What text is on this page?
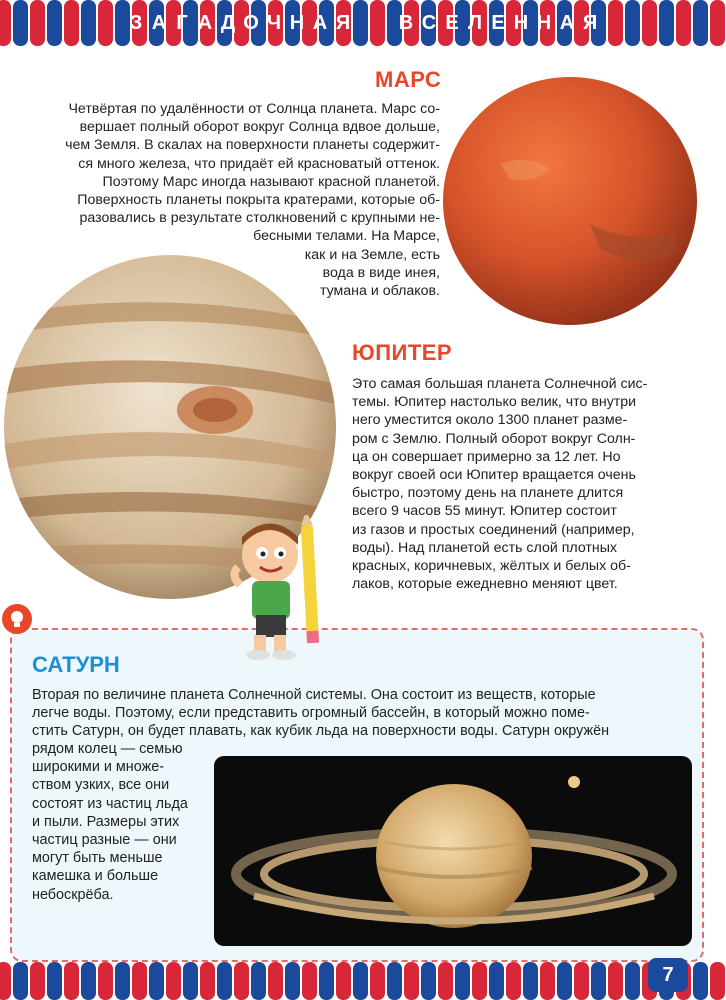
З А Г А Д О Ч Н А Я В С Е Л Е Н Н А Я
МАРС
Четвёртая по удалённости от Солнца планета. Марс со-
вершает полный оборот вокруг Солнца вдвое дольше,
чем Земля. В скалах на поверхности планеты содержит-
ся много железа, что придаёт ей красноватый оттенок.
Поэтому Марс иногда называют красной планетой.
Поверхность планеты покрыта кратерами, которые об-
разовались в результате столкновений с крупными не-
бесными телами. На Марсе,
как и на Земле, есть
вода в виде инея,
тумана и облаков.
ЮПИТЕР
Это самая большая планета Солнечной сис-
темы. Юпитер настолько велик, что внутри
него уместится около 1300 планет разме-
ром с Землю. Полный оборот вокруг Солн-
ца он совершает примерно за 12 лет. Но
вокруг своей оси Юпитер вращается очень
быстро, поэтому день на планете длится
всего 9 часов 55 минут. Юпитер состоит
из газов и простых соединений (например,
воды). Над планетой есть слой плотных
красных, коричневых, жёлтых и белых об-
лаков, которые ежедневно меняют цвет.
САТУРН
Вторая по величине планета Солнечной системы. Она состоит из веществ, которые
легче воды. Поэтому, если представить огромный бассейн, в который можно поме-
стить Сатурн, он будет плавать, как кубик льда на поверхности воды. Сатурн окружён
рядом колец — семью
широкими и множе-
ством узких, все они
состоят из частиц льда
и пыли. Размеры этих
частиц разные — они
могут быть меньше
камешка и больше
небоскрёба.
7
